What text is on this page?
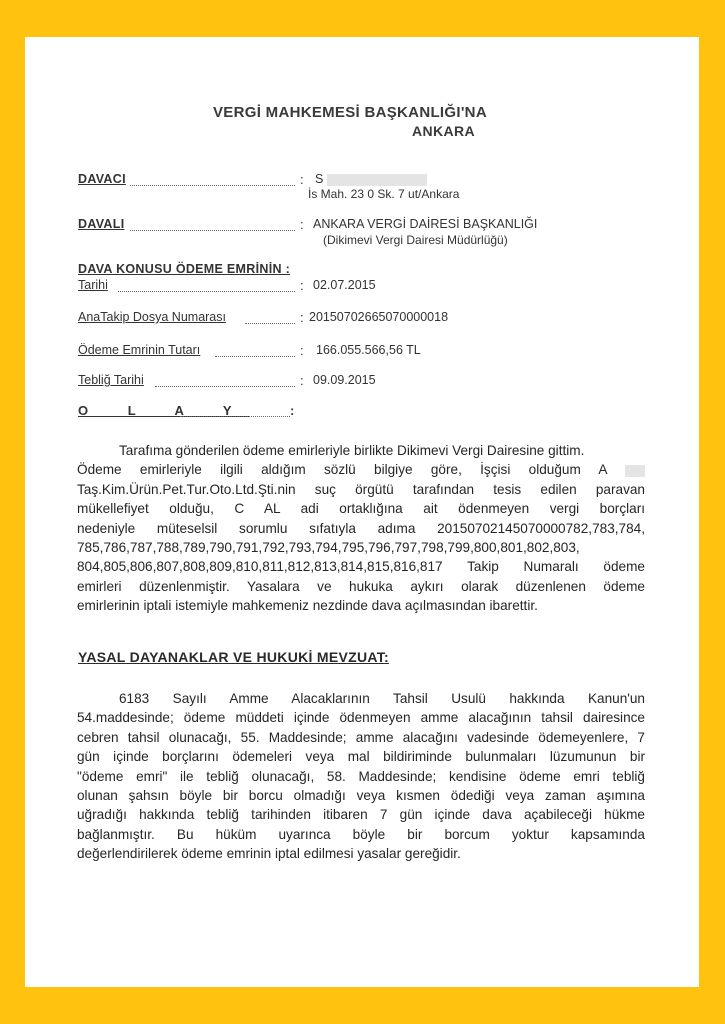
VERGİ MAHKEMESİ BAŞKANLIĞI'NA
ANKARA
DAVACI	: S
İs Mah. 23 0 Sk. 7 ut/Ankara
DAVALI	: ANKARA VERGİ DAİRESİ BAŞKANLIĞI
(Dikimevi Vergi Dairesi Müdürlüğü)
DAVA KONUSU ÖDEME EMRİNİN :
Tarihi	: 02.07.2015
AnaTakip Dosya Numarası	: 20150702665070000018
Ödeme Emrinin Tutarı	: 166.055.566,56 TL
Tebliğ Tarihi	: 09.09.2015
O L A Y	:
Tarafıma gönderilen ödeme emirleriyle birlikte Dikimevi Vergi Dairesine gittim.
Ödeme emirleriyle ilgili aldığım sözlü bilgiye göre, İşçisi olduğum A
Taş.Kim.Ürün.Pet.Tur.Oto.Ltd.Şti.nin suç örgütü tarafından tesis edilen paravan
mükellefiyet olduğu, C AL adi ortaklığına ait ödenmeyen vergi borçları
nedeniyle müteselsil sorumlu sıfatıyla adıma 20150702145070000782,783,784,
785,786,787,788,789,790,791,792,793,794,795,796,797,798,799,800,801,802,803,
804,805,806,807,808,809,810,811,812,813,814,815,816,817 Takip Numaralı ödeme
emirleri düzenlenmiştir. Yasalara ve hukuka aykırı olarak düzenlenen ödeme
emirlerinin iptali istemiyle mahkemeniz nezdinde dava açılmasından ibarettir.
YASAL DAYANAKLAR VE HUKUKİ MEVZUAT:
6183 Sayılı Amme Alacaklarının Tahsil Usulü hakkında Kanun'un
54.maddesinde; ödeme müddeti içinde ödenmeyen amme alacağının tahsil dairesince
cebren tahsil olunacağı, 55. Maddesinde; amme alacağını vadesinde ödemeyenlere, 7
gün içinde borçlarını ödemeleri veya mal bildiriminde bulunmaları lüzumunun bir
"ödeme emri" ile tebliğ olunacağı, 58. Maddesinde; kendisine ödeme emri tebliğ
olunan şahsın böyle bir borcu olmadığı veya kısmen ödediği veya zaman aşımına
uğradığı hakkında tebliğ tarihinden itibaren 7 gün içinde dava açabileceği hükme
bağlanmıştır. Bu hüküm uyarınca böyle bir borcum yoktur kapsamında
değerlendirilerek ödeme emrinin iptal edilmesi yasalar gereğidir.
